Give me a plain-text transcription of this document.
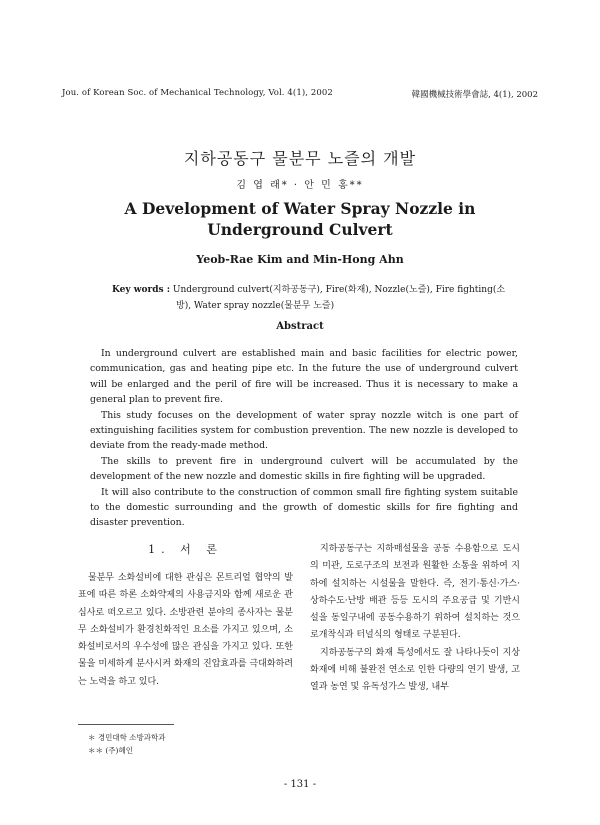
Jou. of Korean Soc. of Mechanical Technology, Vol. 4(1), 2002	韓國機械技術學會誌, 4(1), 2002
지하공동구 물분무 노즐의 개발
김 엽 래* · 안 민 홍**
A Development of Water Spray Nozzle in
Underground Culvert
Yeob-Rae Kim and Min-Hong Ahn
Key words : Underground culvert(지하공동구), Fire(화재), Nozzle(노즐), Fire fighting(소
방), Water spray nozzle(물분무 노즐)
Abstract

In underground culvert are established main and basic facilities for electric power, communication, gas and heating pipe etc. In the future the use of underground culvert will be enlarged and the peril of fire will be increased. Thus it is necessary to make a general plan to prevent fire.

This study focuses on the development of water spray nozzle witch is one part of extinguishing facilities system for combustion prevention. The new nozzle is developed to deviate from the ready-made method.

The skills to prevent fire in underground culvert will be accumulated by the development of the new nozzle and domestic skills in fire fighting will be upgraded.

It will also contribute to the construction of common small fire fighting system suitable to the domestic surrounding and the growth of domestic skills for fire fighting and disaster prevention.

1. 서 론

물분무 소화설비에 대한 관심은 몬트리얼 협약의 발표에 따른 하론 소화약제의 사용금지와 함께 새로운 관심사로 떠오르고 있다. 소방관련 분야의 종사자는 물분무 소화설비가 환경친화적인 요소를 가지고 있으며, 소화설비로서의 우수성에 많은 관심을 가지고 있다. 또한 물을 미세하게 분사시켜 화재의 진압효과를 극대화하려는 노력을 하고 있다.

지하공동구는 지하매설물을 공동 수용함으로 도시의 미관, 도로구조의 보전과 원활한 소통을 위하여 지하에 설치하는 시설물을 말한다. 즉, 전기·통신·가스·상하수도·난방 배관 등등 도시의 주요공급 및 기반시설을 동일구내에 공동수용하기 위하여 설치하는 것으로개착식과 터널식의 형태로 구분된다.

지하공동구의 화재 특성에서도 잘 나타나듯이 지상화재에 비해 불완전 연소로 인한 다량의 연기 발생, 고열과 농연 및 유독성가스 발생, 내부

＊ 경민대학 소방과학과
＊＊ (주)혜인
- 131 -
